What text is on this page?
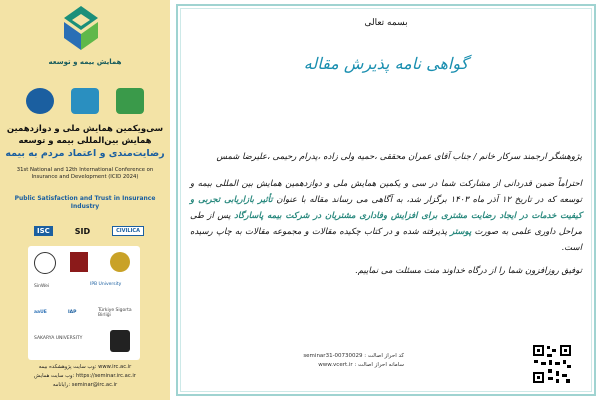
همایش بیمه و توسعه
سی‌ویکمین همایش ملی و دوازدهمین
همایش بین‌المللی بیمه و توسعه
رضایت‌مندی و اعتماد مردم به بیمه
31st National and 12th International Conference on Insurance and Development (ICID 2024)
Public Satisfaction and Trust in Insurance Industry
ISC	SID	CIVILICA
SinWei	IPB University
aaUE	IAP	Türkiye Sigorta Birliği
SAKARYA UNIVERSITY
وب سایت پژوهشکده بیمه: www.irc.ac.ir
وب سایت همایش: https://seminar.irc.ac.ir
رایانامه: seminar@irc.ac.ir
بسمه تعالی
گواهی نامه پذیرش مقاله
پژوهشگر ارجمند سرکار خانم / جناب آقای عمران محققی ،حمیه ولی زاده ،پدرام رحیمی ،علیرضا شمس
احتراماً ضمن قدردانی از مشارکت شما در سی و یکمین همایش ملی و دوازدهمین همایش بین المللی بیمه و توسعه که در تاریخ ۱۲ آذر ماه ۱۴۰۳ برگزار شد، به آگاهی می رساند مقاله با عنوان تأثیر بازاریابی تجربی و کیفیت خدمات در ایجاد رضایت مشتری برای افزایش وفاداری مشتریان در شرکت بیمه پاسارگاد پس از طی مراحل داوری علمی به صورت پوستر پذیرفته شده و در کتاب چکیده مقالات و مجموعه مقالات به چاپ رسیده است.
توفیق روزافزون شما را از درگاه خداوند منت مسئلت می نماییم.
کد احراز اصالت : seminar31-00730029
سامانه احراز اصالت : www.vcert.ir
